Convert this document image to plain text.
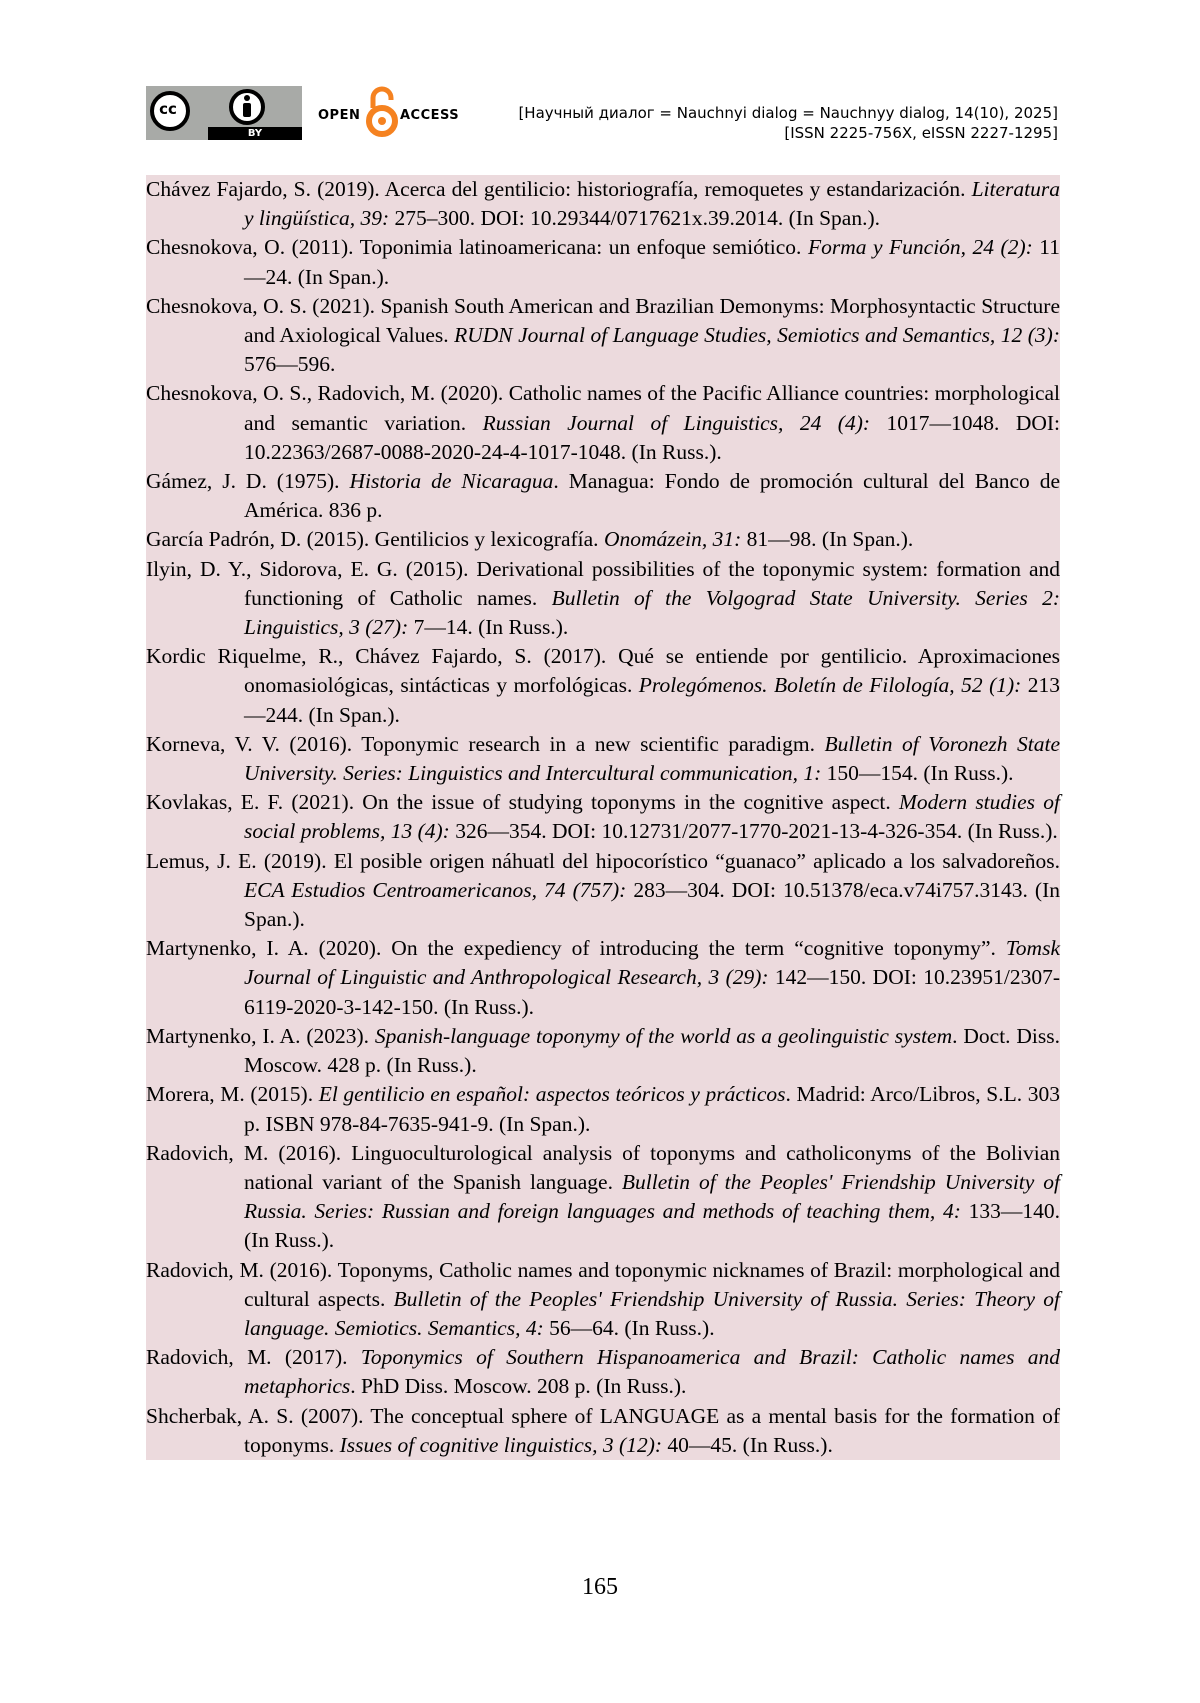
cc
BY
OPEN	ACCESS	[Научный диалог = Nauchnyi dialog = Nauchnyy dialog, 14(10), 2025]
[ISSN 2225-756X, eISSN 2227-1295]
Chávez Fajardo, S. (2019). Acerca del gentilicio: historiografía, remoquetes y estandarización. Literatura y lingüística, 39: 275–300. DOI: 10.29344/0717621x.39.2014. (In Span.).
Chesnokova, O. (2011). Toponimia latinoamericana: un enfoque semiótico. Forma y Función, 24 (2): 11—24. (In Span.).
Chesnokova, O. S. (2021). Spanish South American and Brazilian Demonyms: Morphosyntactic Structure and Axiological Values. RUDN Journal of Language Studies, Semiotics and Semantics, 12 (3): 576—596.
Chesnokova, O. S., Radovich, M. (2020). Catholic names of the Pacific Alliance countries: morphological and semantic variation. Russian Journal of Linguistics, 24 (4): 1017—1048. DOI: 10.22363/2687-0088-2020-24-4-1017-1048. (In Russ.).
Gámez, J. D. (1975). Historia de Nicaragua. Managua: Fondo de promoción cultural del Banco de América. 836 p.
García Padrón, D. (2015). Gentilicios y lexicografía. Onomázein, 31: 81—98. (In Span.).
Ilyin, D. Y., Sidorova, E. G. (2015). Derivational possibilities of the toponymic system: formation and functioning of Catholic names. Bulletin of the Volgograd State University. Series 2: Linguistics, 3 (27): 7—14. (In Russ.).
Kordic Riquelme, R., Chávez Fajardo, S. (2017). Qué se entiende por gentilicio. Aproximaciones onomasiológicas, sintácticas y morfológicas. Prolegómenos. Boletín de Filología, 52 (1): 213—244. (In Span.).
Korneva, V. V. (2016). Toponymic research in a new scientific paradigm. Bulletin of Voronezh State University. Series: Linguistics and Intercultural communication, 1: 150—154. (In Russ.).
Kovlakas, E. F. (2021). On the issue of studying toponyms in the cognitive aspect. Modern studies of social problems, 13 (4): 326—354. DOI: 10.12731/2077-1770-2021-13-4-326-354. (In Russ.).
Lemus, J. E. (2019). El posible origen náhuatl del hipocorístico “guanaco” aplicado a los salvadoreños. ECA Estudios Centroamericanos, 74 (757): 283—304. DOI: 10.51378/eca.v74i757.3143. (In Span.).
Martynenko, I. A. (2020). On the expediency of introducing the term “cognitive toponymy”. Tomsk Journal of Linguistic and Anthropological Research, 3 (29): 142—150. DOI: 10.23951/2307-6119-2020-3-142-150. (In Russ.).
Martynenko, I. A. (2023). Spanish-language toponymy of the world as a geolinguistic system. Doct. Diss. Moscow. 428 p. (In Russ.).
Morera, M. (2015). El gentilicio en español: aspectos teóricos y prácticos. Madrid: Arco/Libros, S.L. 303 p. ISBN 978-84-7635-941-9. (In Span.).
Radovich, M. (2016). Linguoculturological analysis of toponyms and catholiconyms of the Bolivian national variant of the Spanish language. Bulletin of the Peoples' Friendship University of Russia. Series: Russian and foreign languages and methods of teaching them, 4: 133—140. (In Russ.).
Radovich, M. (2016). Toponyms, Catholic names and toponymic nicknames of Brazil: morphological and cultural aspects. Bulletin of the Peoples' Friendship University of Russia. Series: Theory of language. Semiotics. Semantics, 4: 56—64. (In Russ.).
Radovich, M. (2017). Toponymics of Southern Hispanoamerica and Brazil: Catholic names and metaphorics. PhD Diss. Moscow. 208 p. (In Russ.).
Shcherbak, A. S. (2007). The conceptual sphere of LANGUAGE as a mental basis for the formation of toponyms. Issues of cognitive linguistics, 3 (12): 40—45. (In Russ.).
165
